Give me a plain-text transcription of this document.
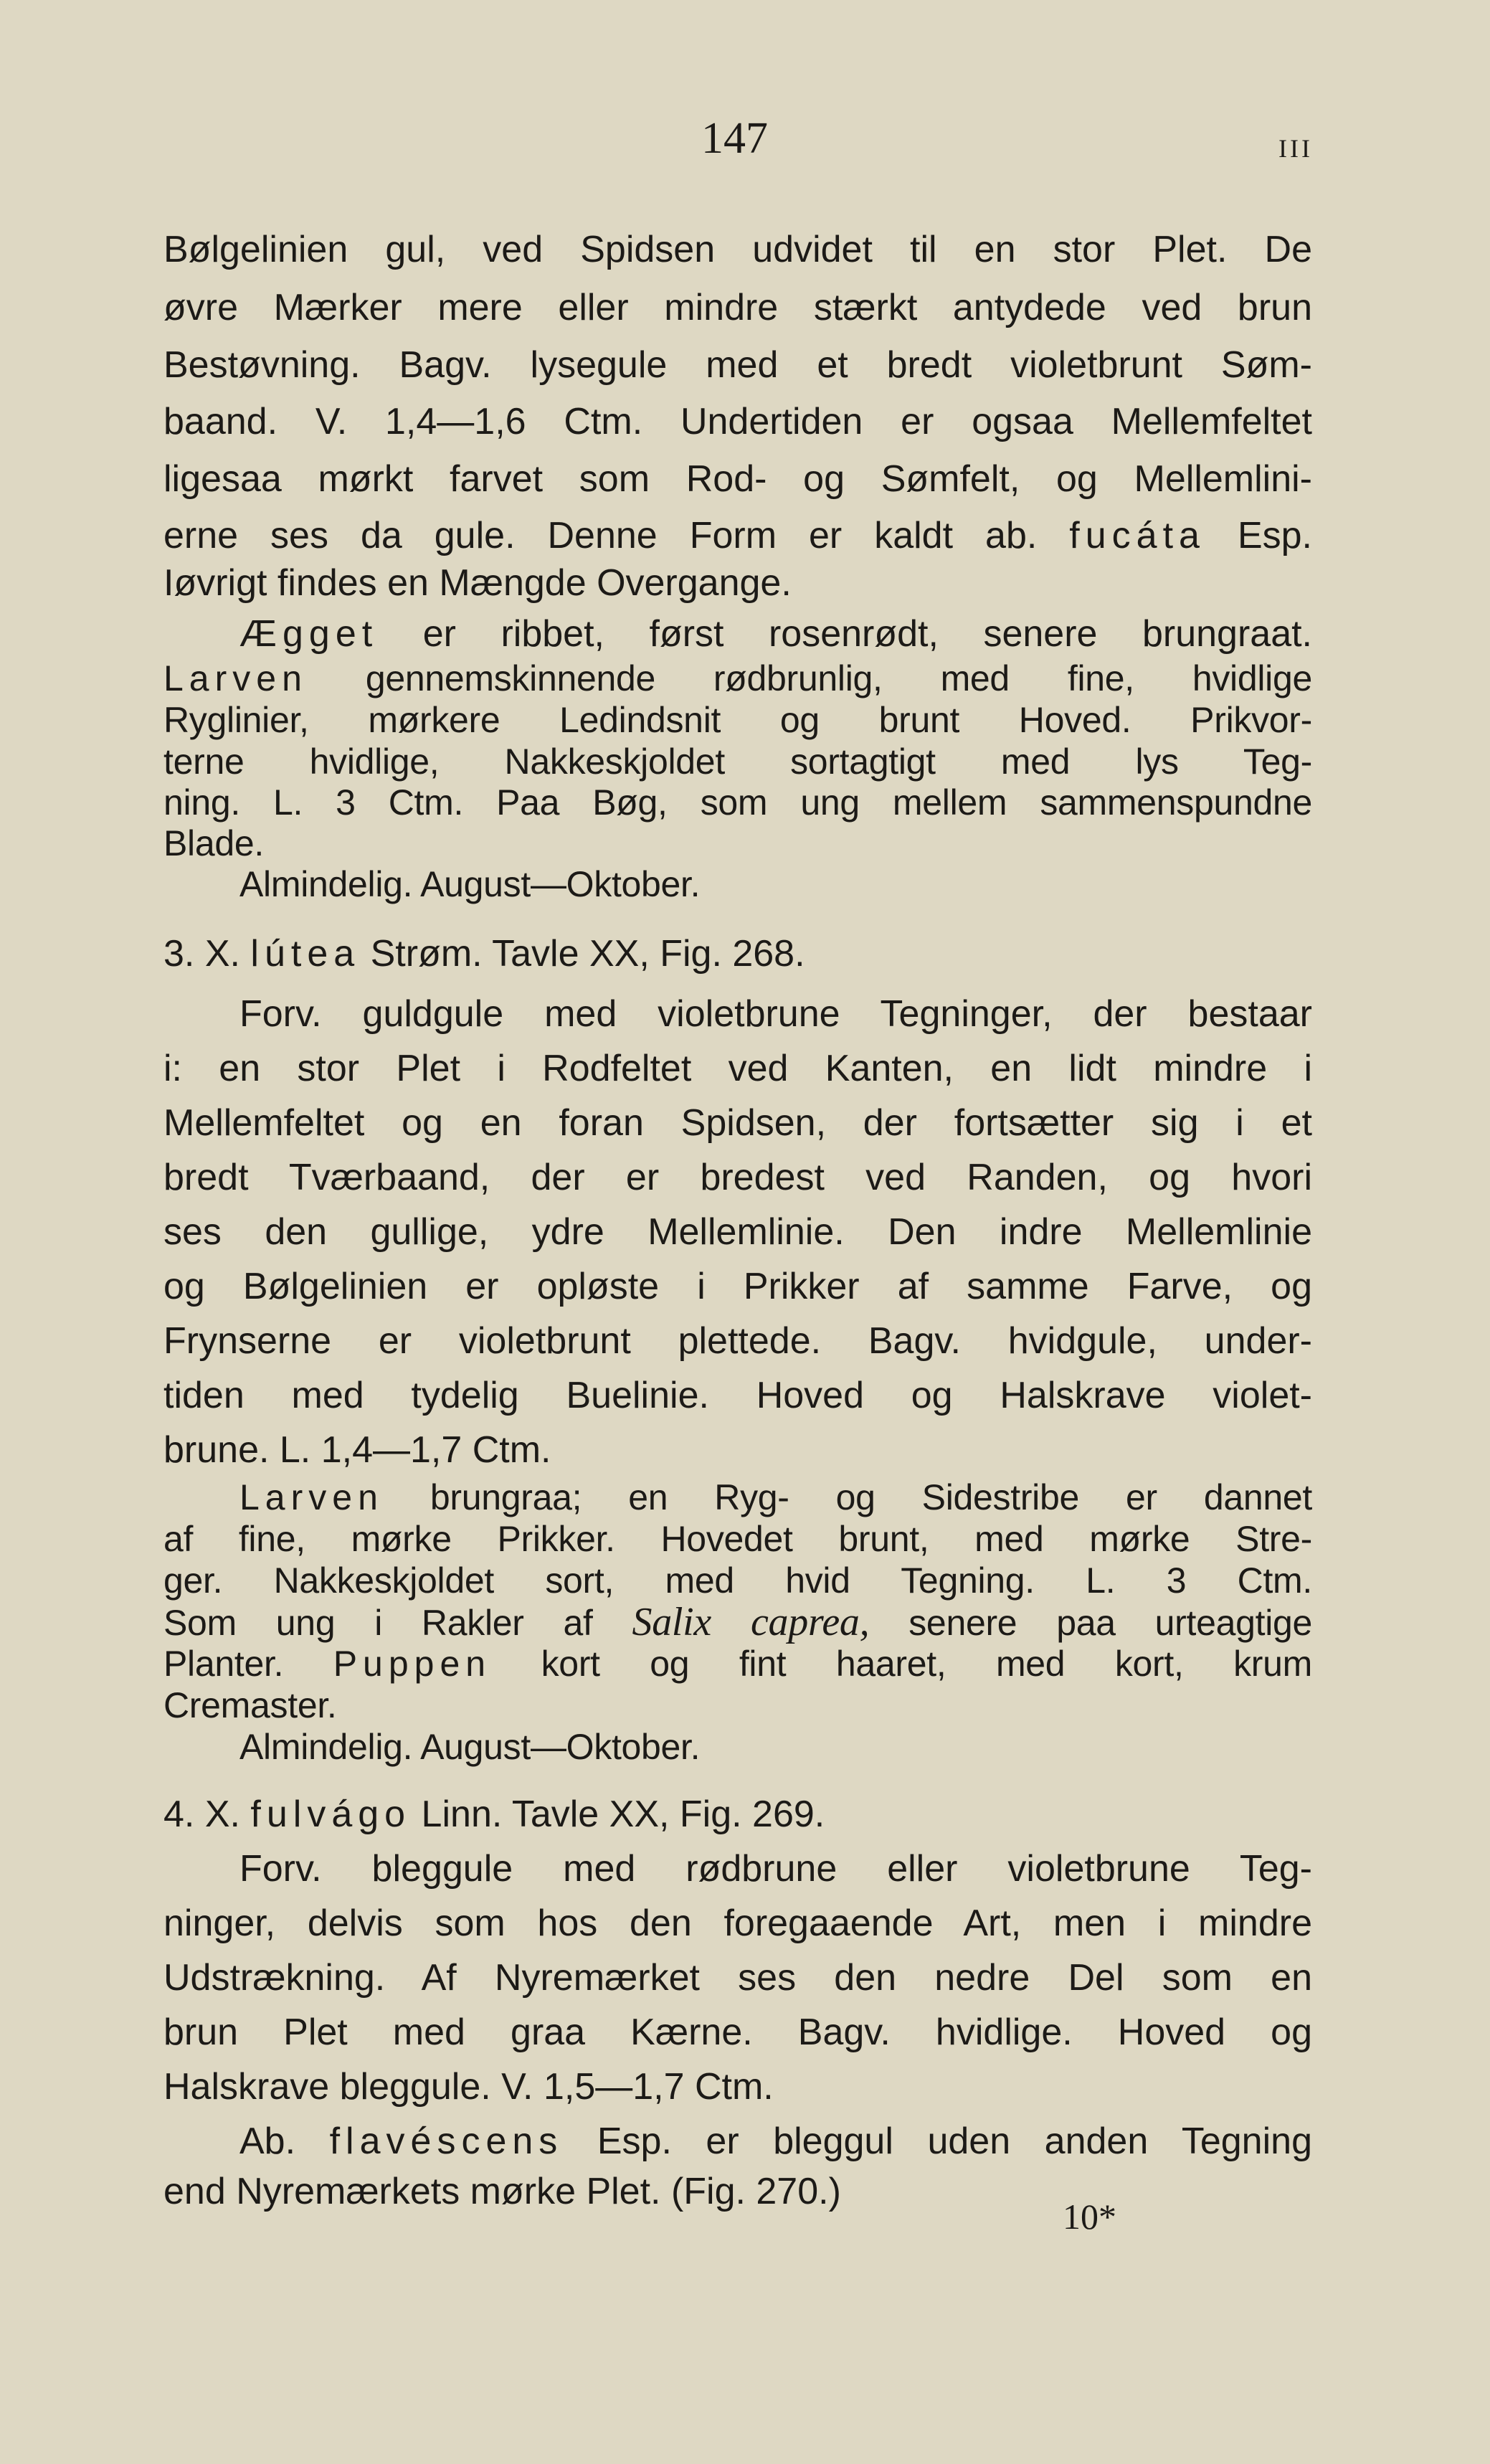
147	III
Bølgelinien gul, ved Spidsen udvidet til en stor Plet. De
øvre Mærker mere eller mindre stærkt antydede ved brun
Bestøvning. Bagv. lysegule med et bredt violetbrunt Søm-
baand. V. 1,4—1,6 Ctm. Undertiden er ogsaa Mellemfeltet
ligesaa mørkt farvet som Rod- og Sømfelt, og Mellemlini-
erne ses da gule. Denne Form er kaldt ab. fucáta Esp.
Iøvrigt findes en Mængde Overgange.
Ægget er ribbet, først rosenrødt, senere brungraat.
Larven gennemskinnende rødbrunlig, med fine, hvidlige
Ryglinier, mørkere Ledindsnit og brunt Hoved. Prikvor-
terne hvidlige, Nakkeskjoldet sortagtigt med lys Teg-
ning. L. 3 Ctm. Paa Bøg, som ung mellem sammenspundne
Blade.
Almindelig. August—Oktober.
3. X. lútea Strøm. Tavle XX, Fig. 268.
Forv. guldgule med violetbrune Tegninger, der bestaar
i: en stor Plet i Rodfeltet ved Kanten, en lidt mindre i
Mellemfeltet og en foran Spidsen, der fortsætter sig i et
bredt Tværbaand, der er bredest ved Randen, og hvori
ses den gullige, ydre Mellemlinie. Den indre Mellemlinie
og Bølgelinien er opløste i Prikker af samme Farve, og
Frynserne er violetbrunt plettede. Bagv. hvidgule, under-
tiden med tydelig Buelinie. Hoved og Halskrave violet-
brune. L. 1,4—1,7 Ctm.
Larven brungraa; en Ryg- og Sidestribe er dannet
af fine, mørke Prikker. Hovedet brunt, med mørke Stre-
ger. Nakkeskjoldet sort, med hvid Tegning. L. 3 Ctm.
Som ung i Rakler af Salix caprea, senere paa urteagtige
Planter. Puppen kort og fint haaret, med kort, krum
Cremaster.
Almindelig. August—Oktober.
4. X. fulvágo Linn. Tavle XX, Fig. 269.
Forv. bleggule med rødbrune eller violetbrune Teg-
ninger, delvis som hos den foregaaende Art, men i mindre
Udstrækning. Af Nyremærket ses den nedre Del som en
brun Plet med graa Kærne. Bagv. hvidlige. Hoved og
Halskrave bleggule. V. 1,5—1,7 Ctm.
Ab. flavéscens Esp. er bleggul uden anden Tegning
end Nyremærkets mørke Plet. (Fig. 270.)
10*
